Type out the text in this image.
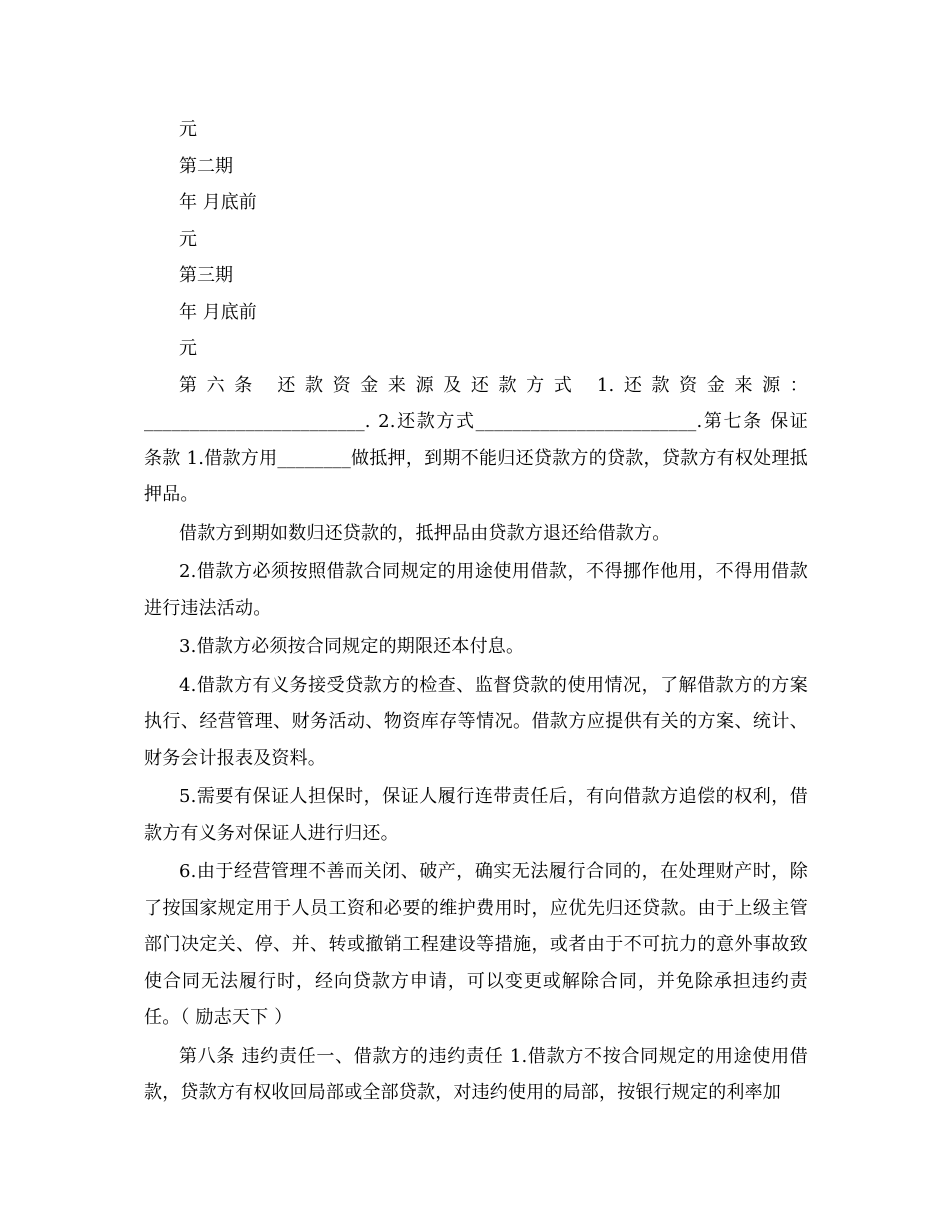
元
第二期
年 月底前
元
第三期
年 月底前
元

第六条 还款资金来源及还款方式 1.还款资金来源：________________________. 2.还款方式________________________.第七条 保证条款 1.借款方用________做抵押，到期不能归还贷款方的贷款，贷款方有权处理抵押品。

借款方到期如数归还贷款的，抵押品由贷款方退还给借款方。

2.借款方必须按照借款合同规定的用途使用借款，不得挪作他用，不得用借款进行违法活动。

3.借款方必须按合同规定的期限还本付息。

4.借款方有义务接受贷款方的检查、监督贷款的使用情况，了解借款方的方案执行、经营管理、财务活动、物资库存等情况。借款方应提供有关的方案、统计、财务会计报表及资料。

5.需要有保证人担保时，保证人履行连带责任后，有向借款方追偿的权利，借款方有义务对保证人进行归还。

6.由于经营管理不善而关闭、破产，确实无法履行合同的，在处理财产时，除了按国家规定用于人员工资和必要的维护费用时，应优先归还贷款。由于上级主管部门决定关、停、并、转或撤销工程建设等措施，或者由于不可抗力的意外事故致使合同无法履行时，经向贷款方申请，可以变更或解除合同，并免除承担违约责任。（ 励志天下 ）

第八条 违约责任一、借款方的违约责任 1.借款方不按合同规定的用途使用借款，贷款方有权收回局部或全部贷款，对违约使用的局部，按银行规定的利率加
